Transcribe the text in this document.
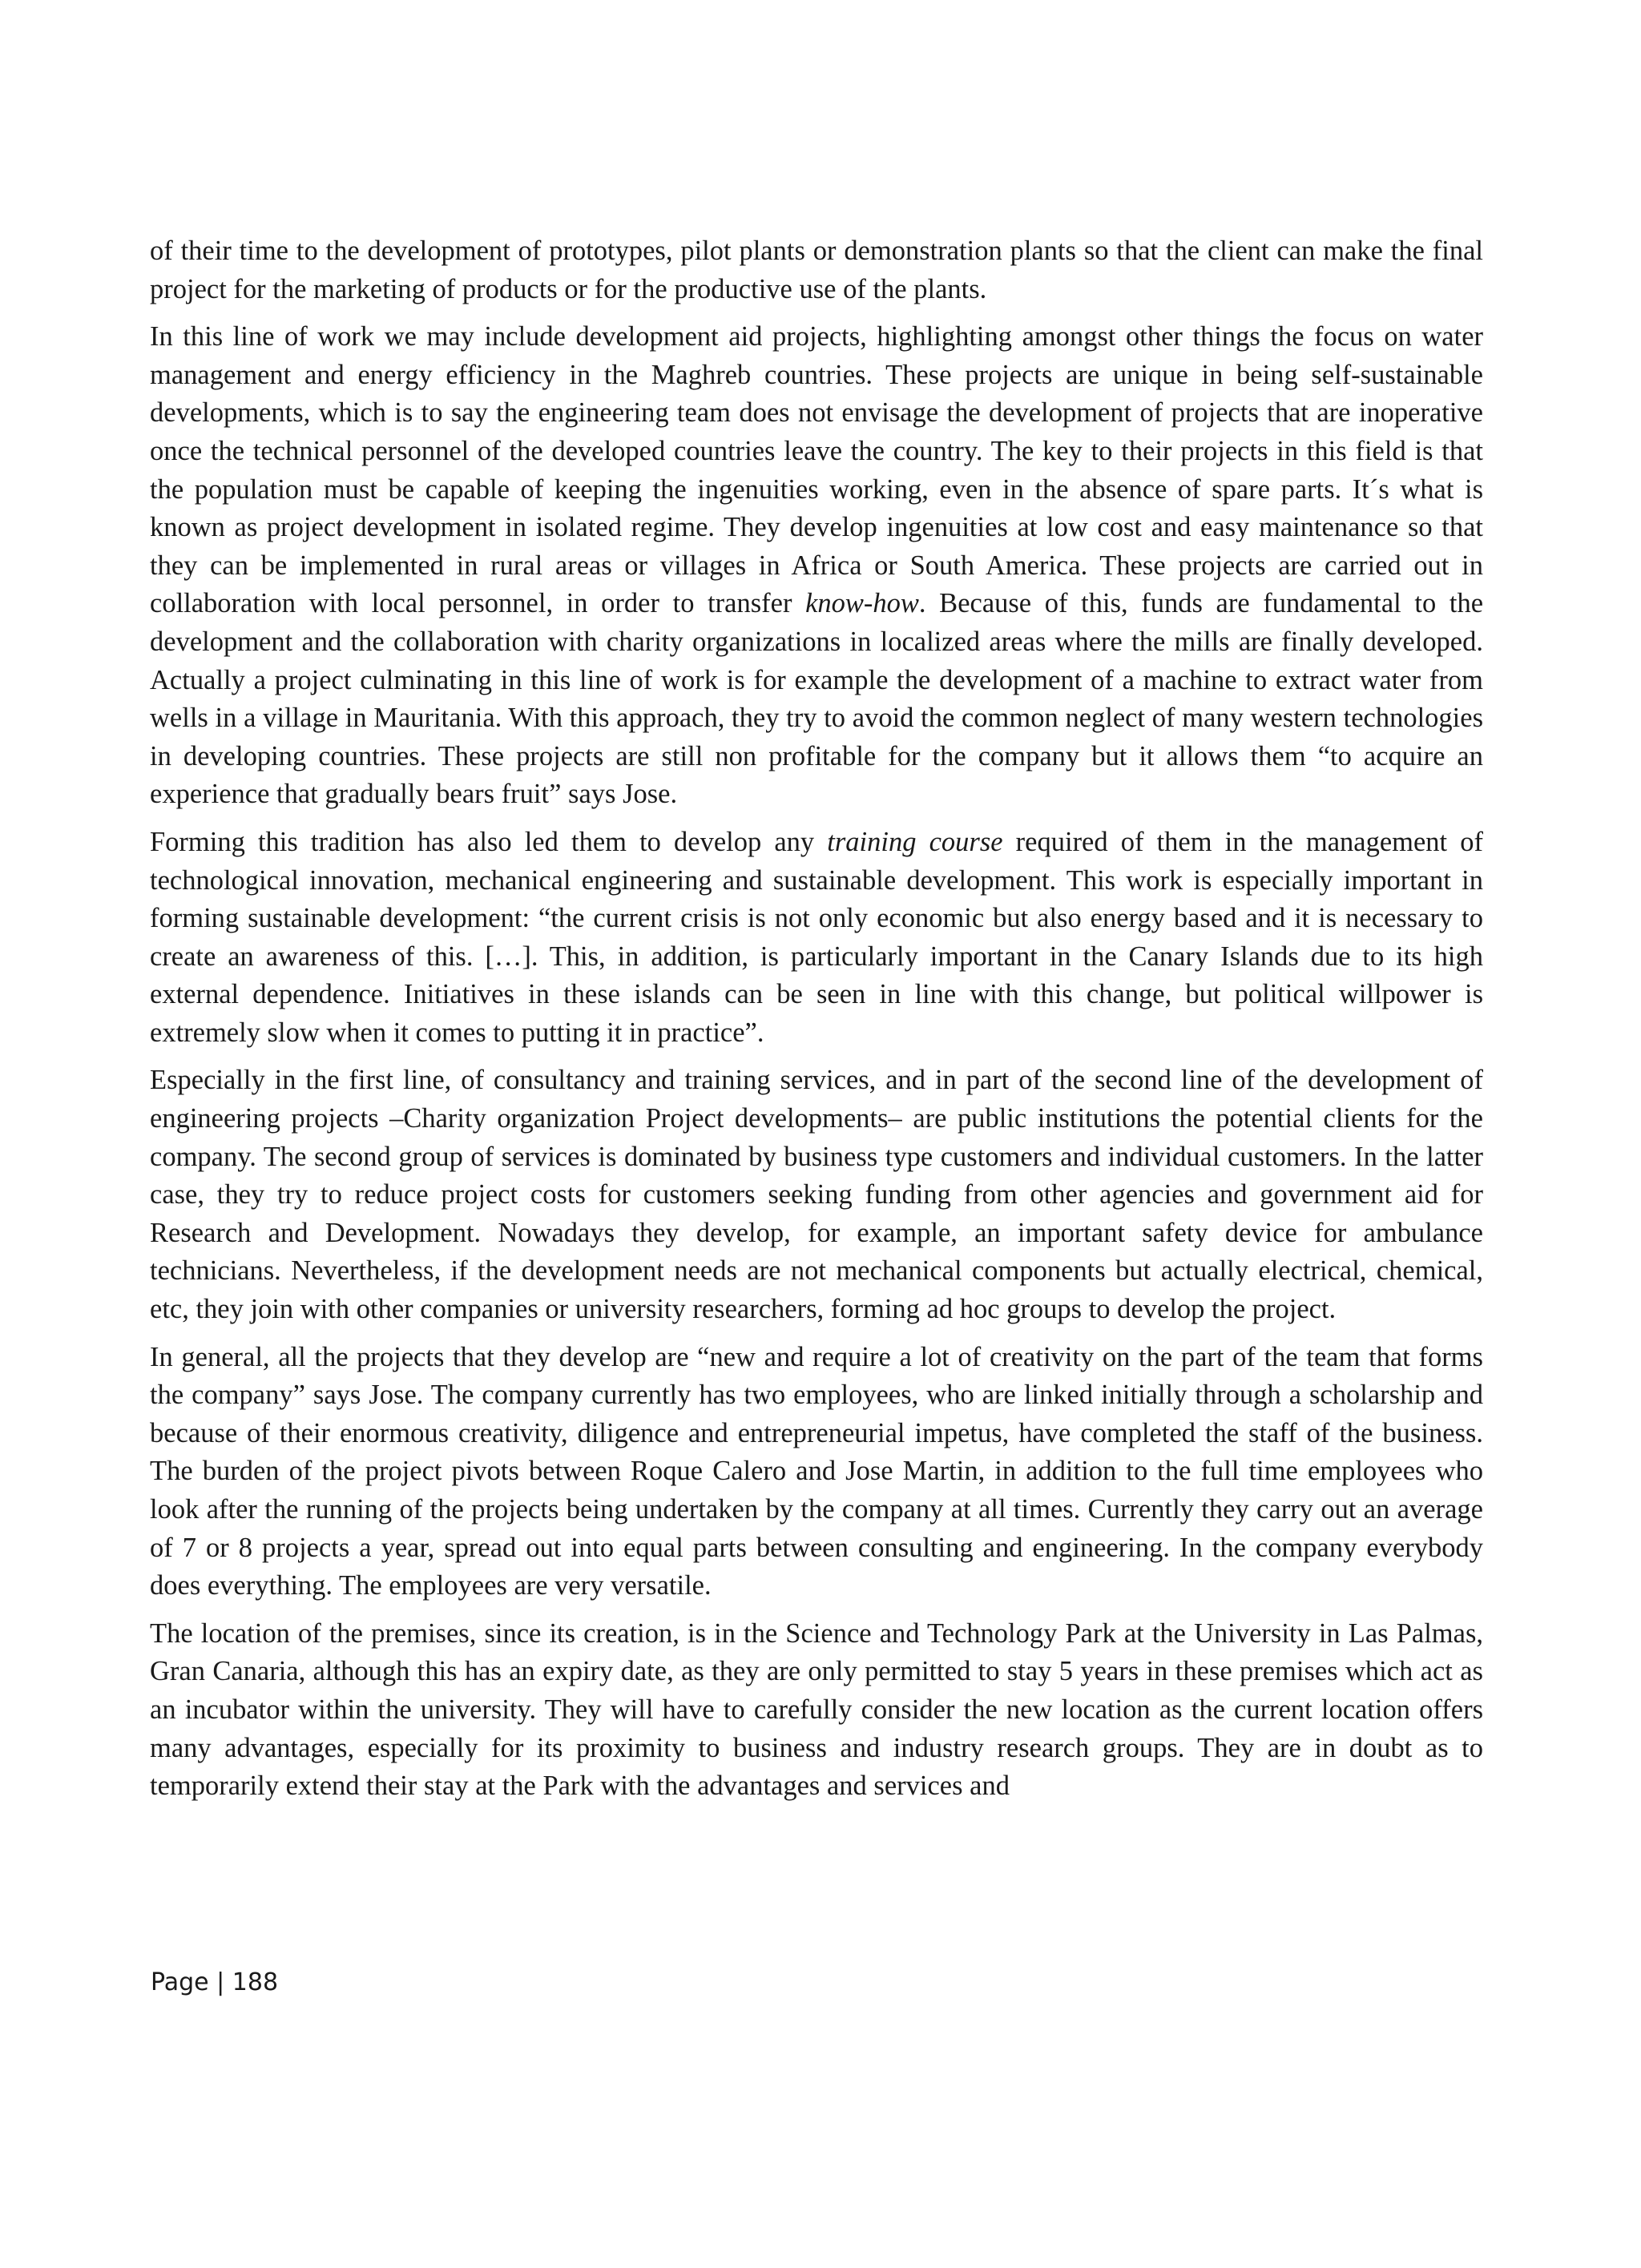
of their time to the development of prototypes, pilot plants or demonstration plants so that the client can make the final project for the marketing of products or for the productive use of the plants.

In this line of work we may include development aid projects, highlighting amongst other things the focus on water management and energy efficiency in the Maghreb countries. These projects are unique in being self-sustainable developments, which is to say the engineering team does not envisage the development of projects that are inoperative once the technical personnel of the developed countries leave the country. The key to their projects in this field is that the population must be capable of keeping the ingenuities working, even in the absence of spare parts. It´s what is known as project development in isolated regime. They develop ingenuities at low cost and easy maintenance so that they can be implemented in rural areas or villages in Africa or South America. These projects are carried out in collaboration with local personnel, in order to transfer know-how. Because of this, funds are fundamental to the development and the collaboration with charity organizations in localized areas where the mills are finally developed. Actually a project culminating in this line of work is for example the development of a machine to extract water from wells in a village in Mauritania. With this approach, they try to avoid the common neglect of many western technologies in developing countries. These projects are still non profitable for the company but it allows them “to acquire an experience that gradually bears fruit” says Jose.

Forming this tradition has also led them to develop any training course required of them in the management of technological innovation, mechanical engineering and sustainable development. This work is especially important in forming sustainable development: “the current crisis is not only economic but also energy based and it is necessary to create an awareness of this. […]. This, in addition, is particularly important in the Canary Islands due to its high external dependence. Initiatives in these islands can be seen in line with this change, but political willpower is extremely slow when it comes to putting it in practice”.

Especially in the first line, of consultancy and training services, and in part of the second line of the development of engineering projects –Charity organization Project developments– are public institutions the potential clients for the company. The second group of services is dominated by business type customers and individual customers. In the latter case, they try to reduce project costs for customers seeking funding from other agencies and government aid for Research and Development. Nowadays they develop, for example, an important safety device for ambulance technicians. Nevertheless, if the development needs are not mechanical components but actually electrical, chemical, etc, they join with other companies or university researchers, forming ad hoc groups to develop the project.

In general, all the projects that they develop are “new and require a lot of creativity on the part of the team that forms the company” says Jose. The company currently has two employees, who are linked initially through a scholarship and because of their enormous creativity, diligence and entrepreneurial impetus, have completed the staff of the business. The burden of the project pivots between Roque Calero and Jose Martin, in addition to the full time employees who look after the running of the projects being undertaken by the company at all times. Currently they carry out an average of 7 or 8 projects a year, spread out into equal parts between consulting and engineering. In the company everybody does everything. The employees are very versatile.

The location of the premises, since its creation, is in the Science and Technology Park at the University in Las Palmas, Gran Canaria, although this has an expiry date, as they are only permitted to stay 5 years in these premises which act as an incubator within the university. They will have to carefully consider the new location as the current location offers many advantages, especially for its proximity to business and industry research groups. They are in doubt as to temporarily extend their stay at the Park with the advantages and services and

Page | 188
